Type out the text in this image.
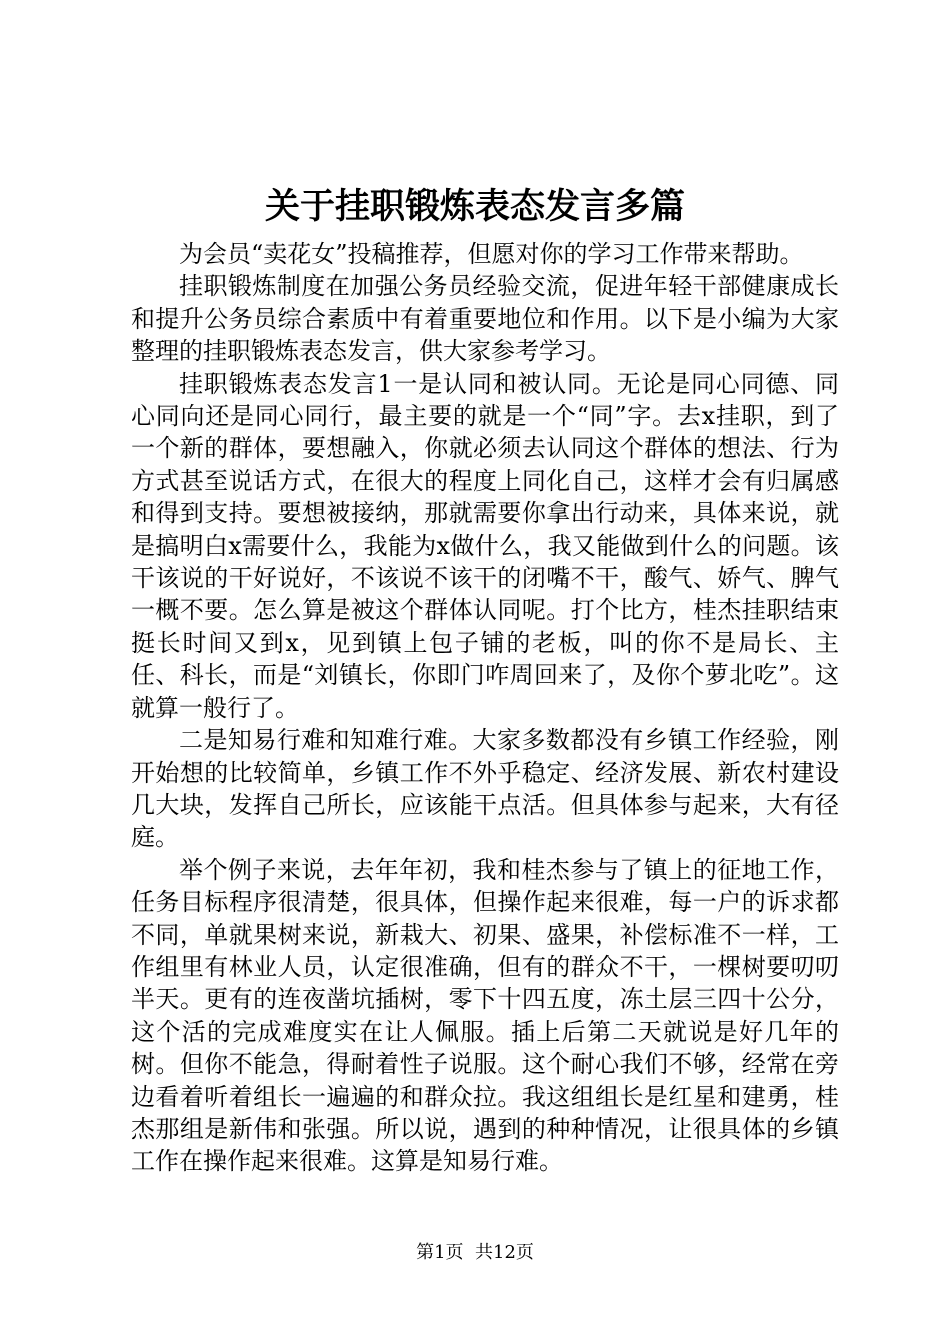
关于挂职锻炼表态发言多篇

为会员“卖花女”投稿推荐，但愿对你的学习工作带来帮助。

挂职锻炼制度在加强公务员经验交流，促进年轻干部健康成长和提升公务员综合素质中有着重要地位和作用。以下是小编为大家整理的挂职锻炼表态发言，供大家参考学习。

挂职锻炼表态发言1一是认同和被认同。无论是同心同德、同心同向还是同心同行，最主要的就是一个“同”字。去x挂职，到了一个新的群体，要想融入，你就必须去认同这个群体的想法、行为方式甚至说话方式，在很大的程度上同化自己，这样才会有归属感和得到支持。要想被接纳，那就需要你拿出行动来，具体来说，就是搞明白x需要什么，我能为x做什么，我又能做到什么的问题。该干该说的干好说好，不该说不该干的闭嘴不干，酸气、娇气、脾气一概不要。怎么算是被这个群体认同呢。打个比方，桂杰挂职结束挺长时间又到x，见到镇上包子铺的老板，叫的你不是局长、主任、科长，而是“刘镇长，你即门咋周回来了，及你个萝北吃”。这就算一般行了。

二是知易行难和知难行难。大家多数都没有乡镇工作经验，刚开始想的比较简单，乡镇工作不外乎稳定、经济发展、新农村建设几大块，发挥自己所长，应该能干点活。但具体参与起来，大有径庭。

举个例子来说，去年年初，我和桂杰参与了镇上的征地工作，任务目标程序很清楚，很具体，但操作起来很难，每一户的诉求都不同，单就果树来说，新栽大、初果、盛果，补偿标准不一样，工作组里有林业人员，认定很准确，但有的群众不干，一棵树要叨叨半天。更有的连夜凿坑插树，零下十四五度，冻土层三四十公分，这个活的完成难度实在让人佩服。插上后第二天就说是好几年的树。但你不能急，得耐着性子说服。这个耐心我们不够，经常在旁边看着听着组长一遍遍的和群众拉。我这组组长是红星和建勇，桂杰那组是新伟和张强。所以说，遇到的种种情况，让很具体的乡镇工作在操作起来很难。这算是知易行难。

第1页  共12页
